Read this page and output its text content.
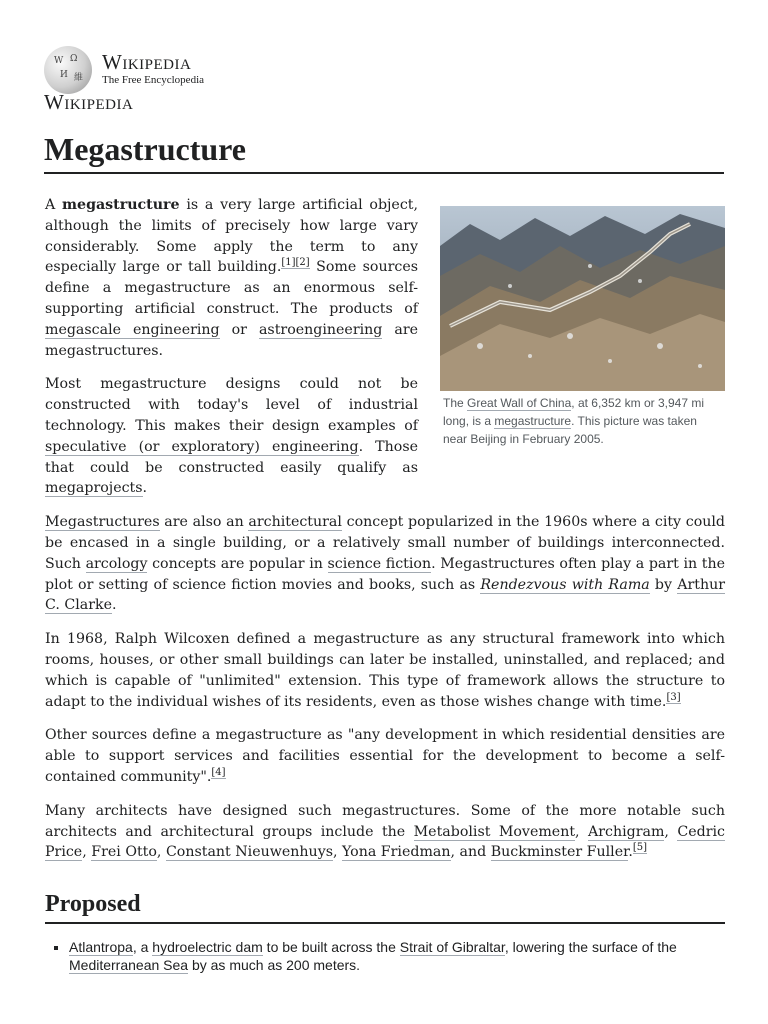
W Ω
И 維
Wikipedia
The Free Encyclopedia
Wikipedia
Megastructure
The Great Wall of China, at 6,352 km or 3,947 mi long, is a megastructure. This picture was taken near Beijing in February 2005.

A megastructure is a very large artificial object, although the limits of precisely how large vary considerably. Some apply the term to any especially large or tall building.[1][2] Some sources define a megastructure as an enormous self-supporting artificial construct. The products of megascale engineering or astroengineering are megastructures.

Most megastructure designs could not be constructed with today's level of industrial technology. This makes their design examples of speculative (or exploratory) engineering. Those that could be constructed easily qualify as megaprojects.

Megastructures are also an architectural concept popularized in the 1960s where a city could be encased in a single building, or a relatively small number of buildings interconnected. Such arcology concepts are popular in science fiction. Megastructures often play a part in the plot or setting of science fiction movies and books, such as Rendezvous with Rama by Arthur C. Clarke.

In 1968, Ralph Wilcoxen defined a megastructure as any structural framework into which rooms, houses, or other small buildings can later be installed, uninstalled, and replaced; and which is capable of "unlimited" extension. This type of framework allows the structure to adapt to the individual wishes of its residents, even as those wishes change with time.[3]

Other sources define a megastructure as "any development in which residential densities are able to support services and facilities essential for the development to become a self-contained community".[4]

Many architects have designed such megastructures. Some of the more notable such architects and architectural groups include the Metabolist Movement, Archigram, Cedric Price, Frei Otto, Constant Nieuwenhuys, Yona Friedman, and Buckminster Fuller.[5]

Proposed
▪ Atlantropa, a hydroelectric dam to be built across the Strait of Gibraltar, lowering the surface of the Mediterranean Sea by as much as 200 meters.
